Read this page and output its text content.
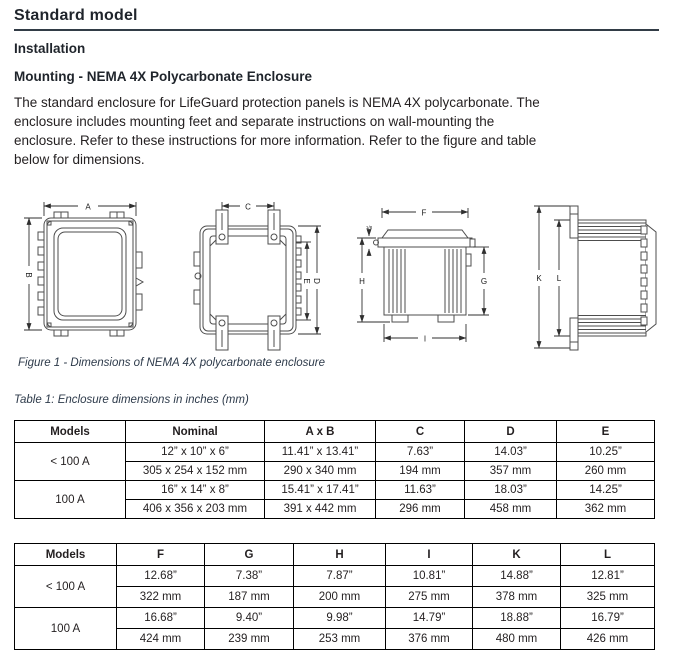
Standard model
Installation
Mounting - NEMA 4X Polycarbonate Enclosure
The standard enclosure for LifeGuard protection panels is NEMA 4X polycarbonate. The
enclosure includes mounting feet and separate instructions on wall-mounting the
enclosure. Refer to these instructions for more information. Refer to the figure and table
below for dimensions.
A
B
C
E D
F
1/8
H	G
I
K L
Figure 1 - Dimensions of NEMA 4X polycarbonate enclosure
Table 1: Enclosure dimensions in inches (mm)
Models	Nominal	A x B	C	D	E
< 100 A	12” x 10” x 6”	11.41” x 13.41”	7.63”	14.03”	10.25”
	305 x 254 x 152 mm	290 x 340 mm	194 mm	357 mm	260 mm
100 A	16” x 14” x 8”	15.41” x 17.41”	11.63”	18.03”	14.25”
	406 x 356 x 203 mm	391 x 442 mm	296 mm	458 mm	362 mm
Models	F	G	H	I	K	L
< 100 A	12.68”	7.38”	7.87”	10.81”	14.88”	12.81”
	322 mm	187 mm	200 mm	275 mm	378 mm	325 mm
100 A	16.68”	9.40”	9.98”	14.79”	18.88”	16.79”
	424 mm	239 mm	253 mm	376 mm	480 mm	426 mm
